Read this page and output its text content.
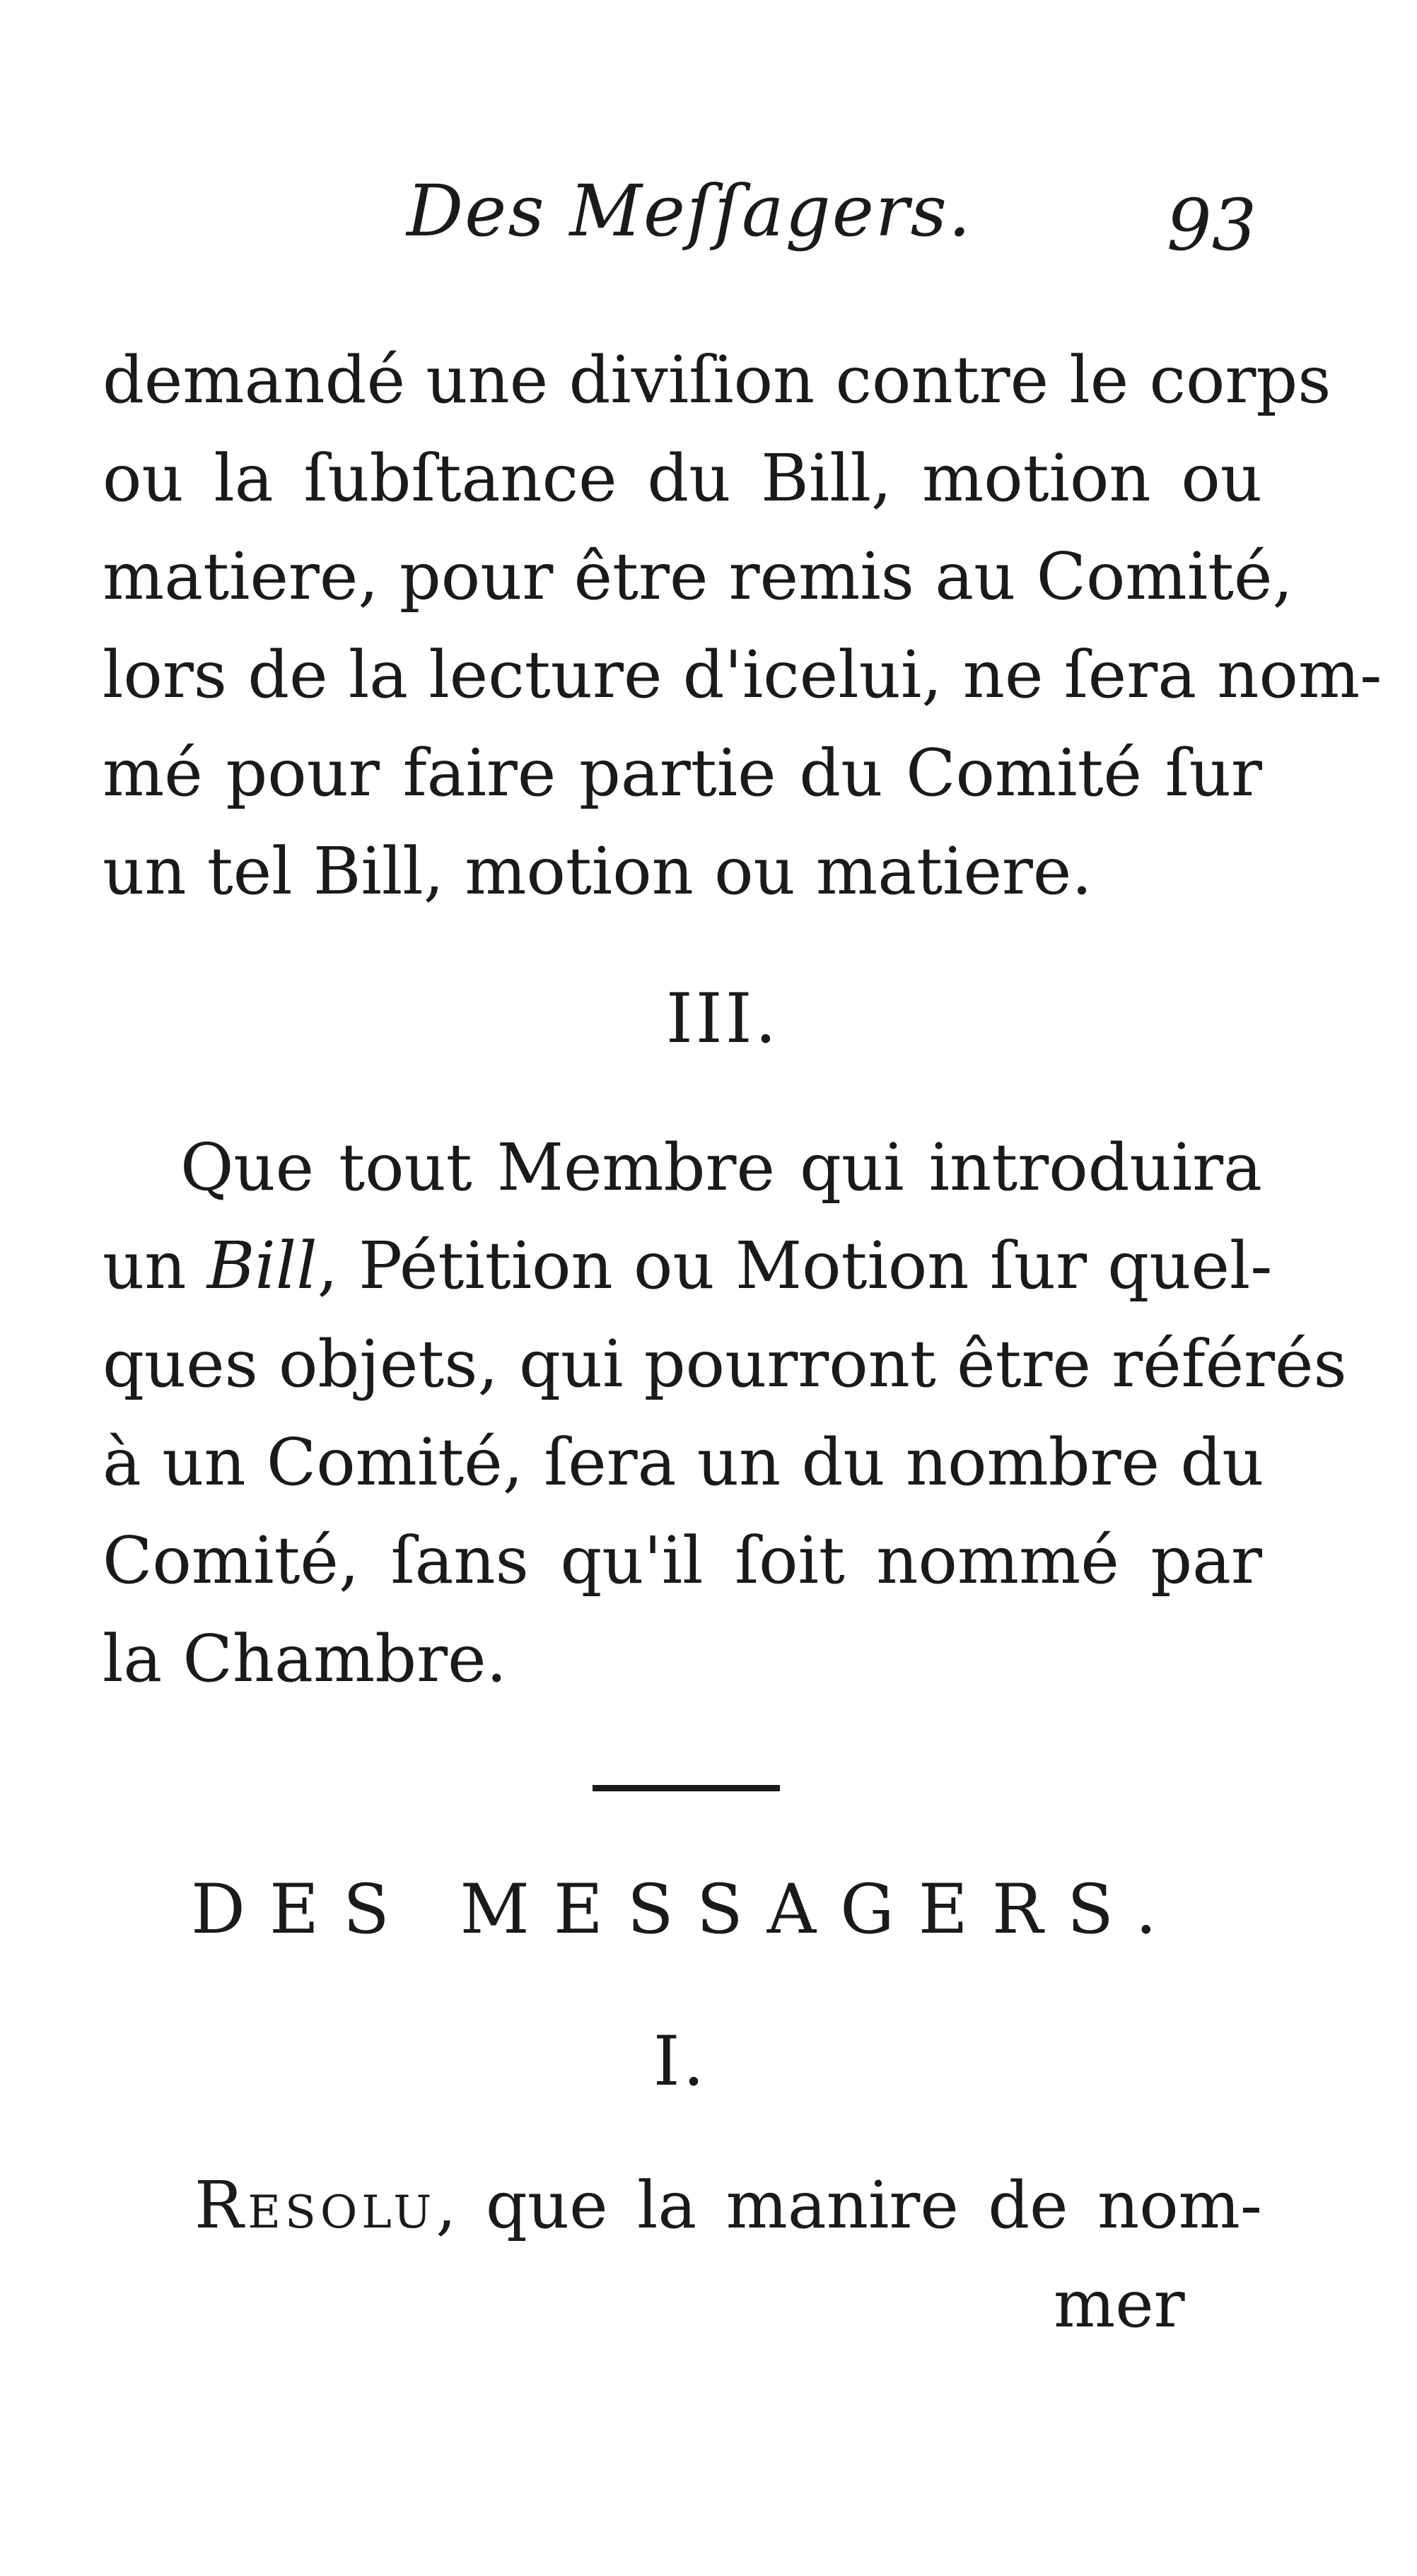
Des Meſſagers.	93
demandé une diviſion contre le corps
ou la ſubſtance du Bill, motion ou
matiere, pour être remis au Comité,
lors de la lecture d'icelui, ne ſera nom-
mé pour faire partie du Comité ſur
un tel Bill, motion ou matiere.
III.
Que tout Membre qui introduira
un Bill, Pétition ou Motion ſur quel-
ques objets, qui pourront être référés
à un Comité, ſera un du nombre du
Comité, ſans qu'il ſoit nommé par
la Chambre.
DES MESSAGERS.
I.
Resolu, que la manire de nom-
mer
